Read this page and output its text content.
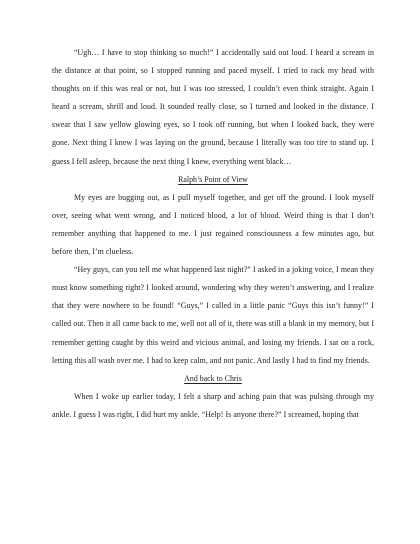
“Ugh… I have to stop thinking so much!” I accidentally said out loud. I heard a scream in the distance at that point, so I stopped running and paced myself. I tried to rack my head with thoughts on if this was real or not, but I was too stressed, I couldn’t even think straight. Again I heard a scream, shrill and loud. It sounded really close, so I turned and looked in the distance. I swear that I saw yellow glowing eyes, so I took off running, but when I looked back, they were gone. Next thing I knew I was laying on the ground, because I literally was too tire to stand up. I guess I fell asleep, because the next thing I knew, everything went black…

Ralph’s Point of View

My eyes are bugging out, as I pull myself together, and get off the ground. I look myself over, seeing what went wrong, and I noticed blood, a lot of blood. Weird thing is that I don’t remember anything that happened to me. I just regained consciousness a few minutes ago, but before then, I’m clueless.

“Hey guys, can you tell me what happened last night?” I asked in a joking voice, I mean they must know something right? I looked around, wondering why they weren’t answering, and I realize that they were nowhere to be found! “Guys,” I called in a little panic “Guys this isn’t funny!” I called out. Then it all came back to me, well not all of it, there was still a blank in my memory, but I remember getting caught by this weird and vicious animal, and losing my friends. I sat on a rock, letting this all wash over me. I had to keep calm, and not panic. And lastly I had to find my friends.

And back to Chris

When I woke up earlier today, I felt a sharp and aching pain that was pulsing through my ankle. I guess I was right, I did hurt my ankle. “Help! Is anyone there?” I screamed, hoping that
